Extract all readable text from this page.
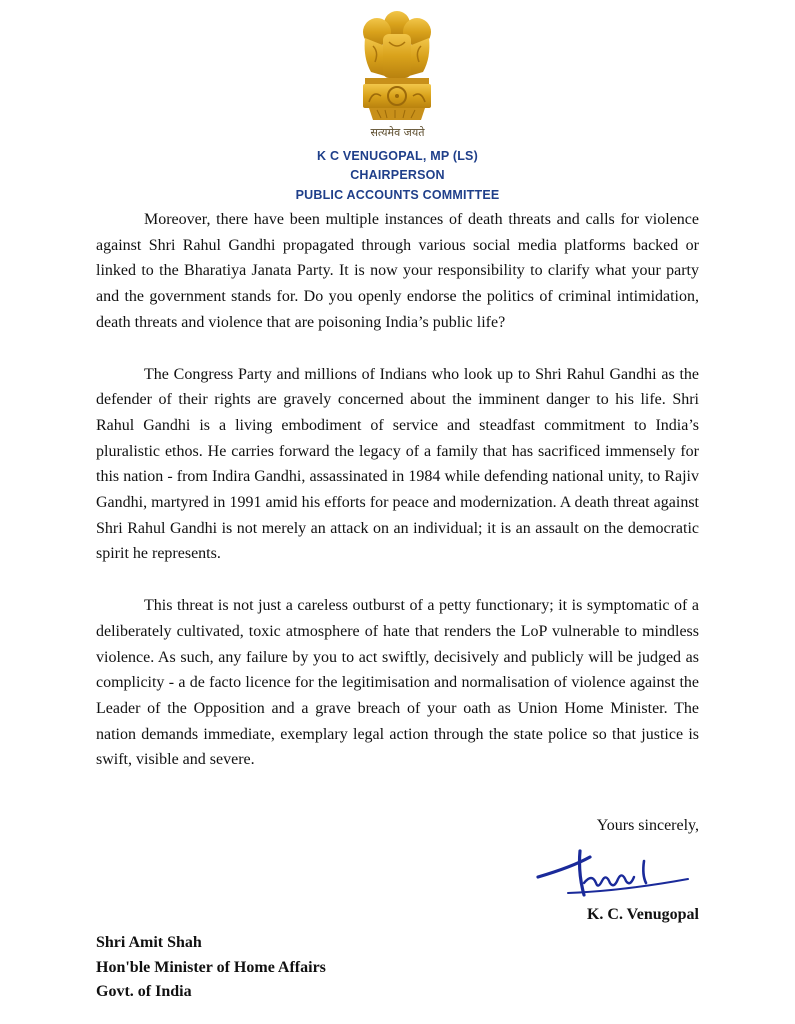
सत्यमेव जयते
K C VENUGOPAL, MP (LS)
CHAIRPERSON
PUBLIC ACCOUNTS COMMITTEE

Moreover, there have been multiple instances of death threats and calls for violence against Shri Rahul Gandhi propagated through various social media platforms backed or linked to the Bharatiya Janata Party. It is now your responsibility to clarify what your party and the government stands for. Do you openly endorse the politics of criminal intimidation, death threats and violence that are poisoning India’s public life?

The Congress Party and millions of Indians who look up to Shri Rahul Gandhi as the defender of their rights are gravely concerned about the imminent danger to his life. Shri Rahul Gandhi is a living embodiment of service and steadfast commitment to India’s pluralistic ethos. He carries forward the legacy of a family that has sacrificed immensely for this nation - from Indira Gandhi, assassinated in 1984 while defending national unity, to Rajiv Gandhi, martyred in 1991 amid his efforts for peace and modernization. A death threat against Shri Rahul Gandhi is not merely an attack on an individual; it is an assault on the democratic spirit he represents.

This threat is not just a careless outburst of a petty functionary; it is symptomatic of a deliberately cultivated, toxic atmosphere of hate that renders the LoP vulnerable to mindless violence. As such, any failure by you to act swiftly, decisively and publicly will be judged as complicity - a de facto licence for the legitimisation and normalisation of violence against the Leader of the Opposition and a grave breach of your oath as Union Home Minister. The nation demands immediate, exemplary legal action through the state police so that justice is swift, visible and severe.

Yours sincerely,
K. C. Venugopal
Shri Amit Shah
Hon'ble Minister of Home Affairs
Govt. of India
